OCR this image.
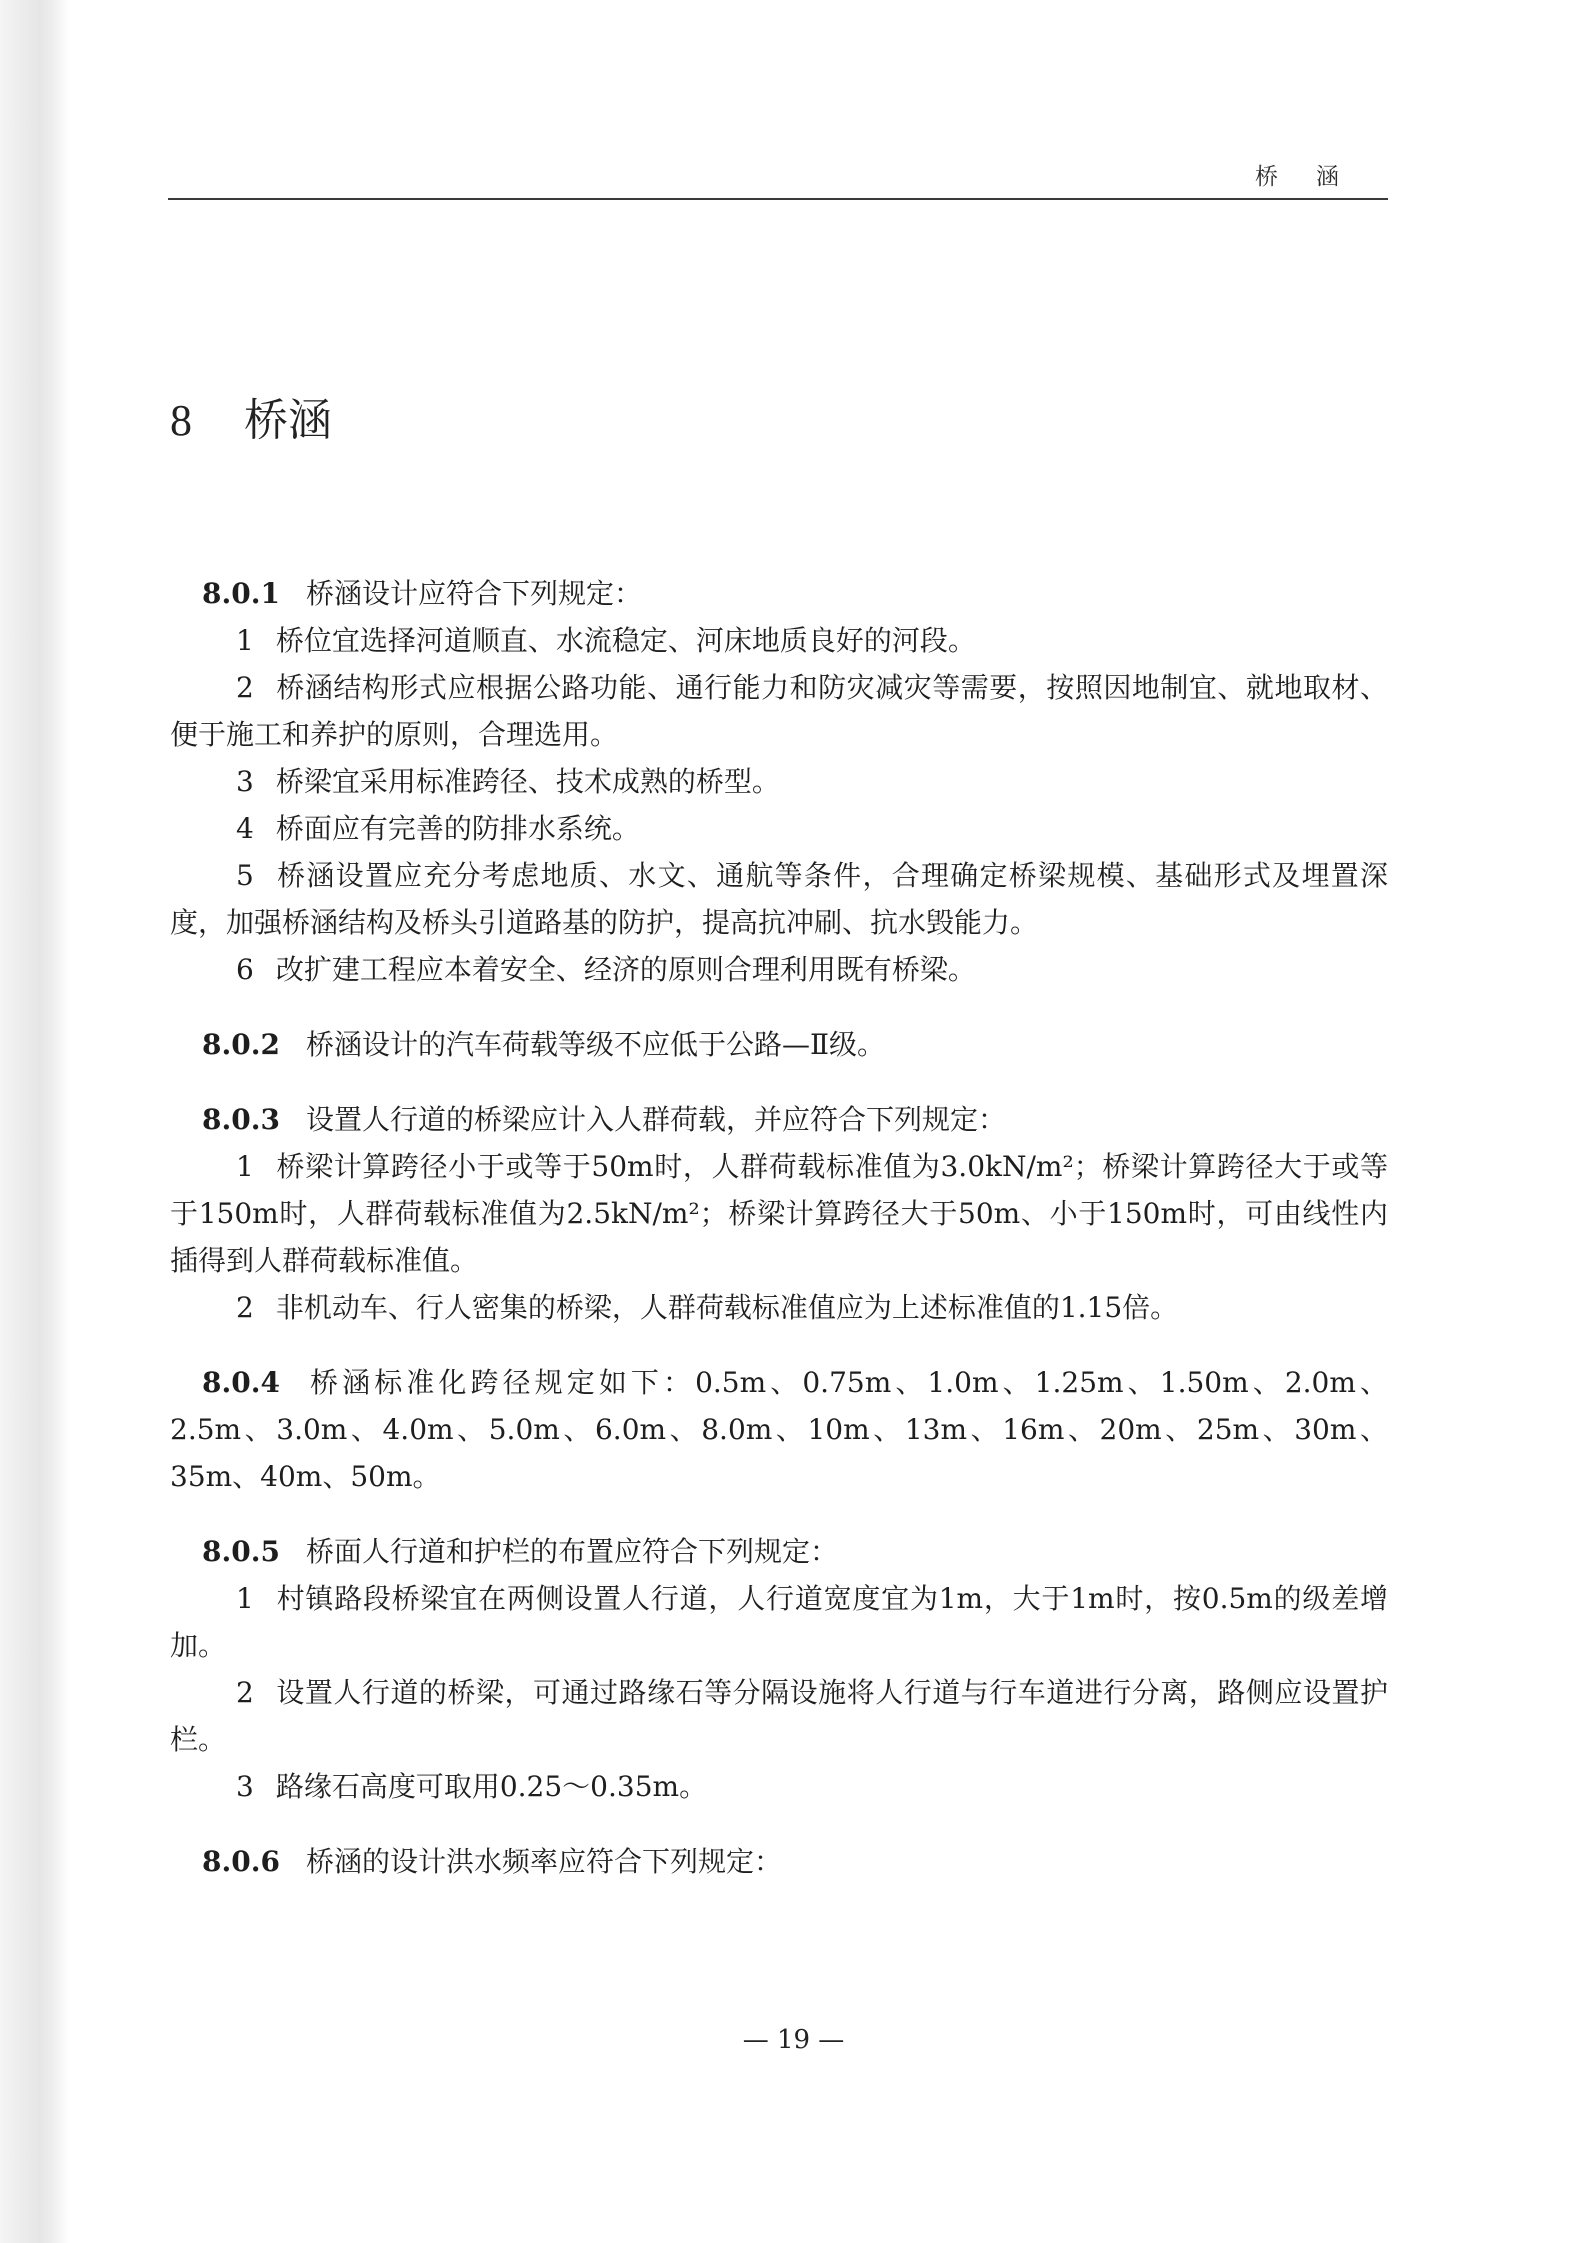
桥涵
8 桥涵

8.0.1 桥涵设计应符合下列规定：

1 桥位宜选择河道顺直、水流稳定、河床地质良好的河段。

2 桥涵结构形式应根据公路功能、通行能力和防灾减灾等需要，按照因地制宜、就地取材、便于施工和养护的原则，合理选用。

3 桥梁宜采用标准跨径、技术成熟的桥型。

4 桥面应有完善的防排水系统。

5 桥涵设置应充分考虑地质、水文、通航等条件，合理确定桥梁规模、基础形式及埋置深度，加强桥涵结构及桥头引道路基的防护，提高抗冲刷、抗水毁能力。

6 改扩建工程应本着安全、经济的原则合理利用既有桥梁。

8.0.2 桥涵设计的汽车荷载等级不应低于公路—Ⅱ级。

8.0.3 设置人行道的桥梁应计入人群荷载，并应符合下列规定：

1 桥梁计算跨径小于或等于50m时，人群荷载标准值为3.0kN/m²；桥梁计算跨径大于或等于150m时，人群荷载标准值为2.5kN/m²；桥梁计算跨径大于50m、小于150m时，可由线性内插得到人群荷载标准值。

2 非机动车、行人密集的桥梁，人群荷载标准值应为上述标准值的1.15倍。

8.0.4 桥涵标准化跨径规定如下：0.5m、0.75m、1.0m、1.25m、1.50m、2.0m、2.5m、3.0m、4.0m、5.0m、6.0m、8.0m、10m、13m、16m、20m、25m、30m、35m、40m、50m。

8.0.5 桥面人行道和护栏的布置应符合下列规定：

1 村镇路段桥梁宜在两侧设置人行道，人行道宽度宜为1m，大于1m时，按0.5m的级差增加。

2 设置人行道的桥梁，可通过路缘石等分隔设施将人行道与行车道进行分离，路侧应设置护栏。

3 路缘石高度可取用0.25～0.35m。

8.0.6 桥涵的设计洪水频率应符合下列规定：

— 19 —
